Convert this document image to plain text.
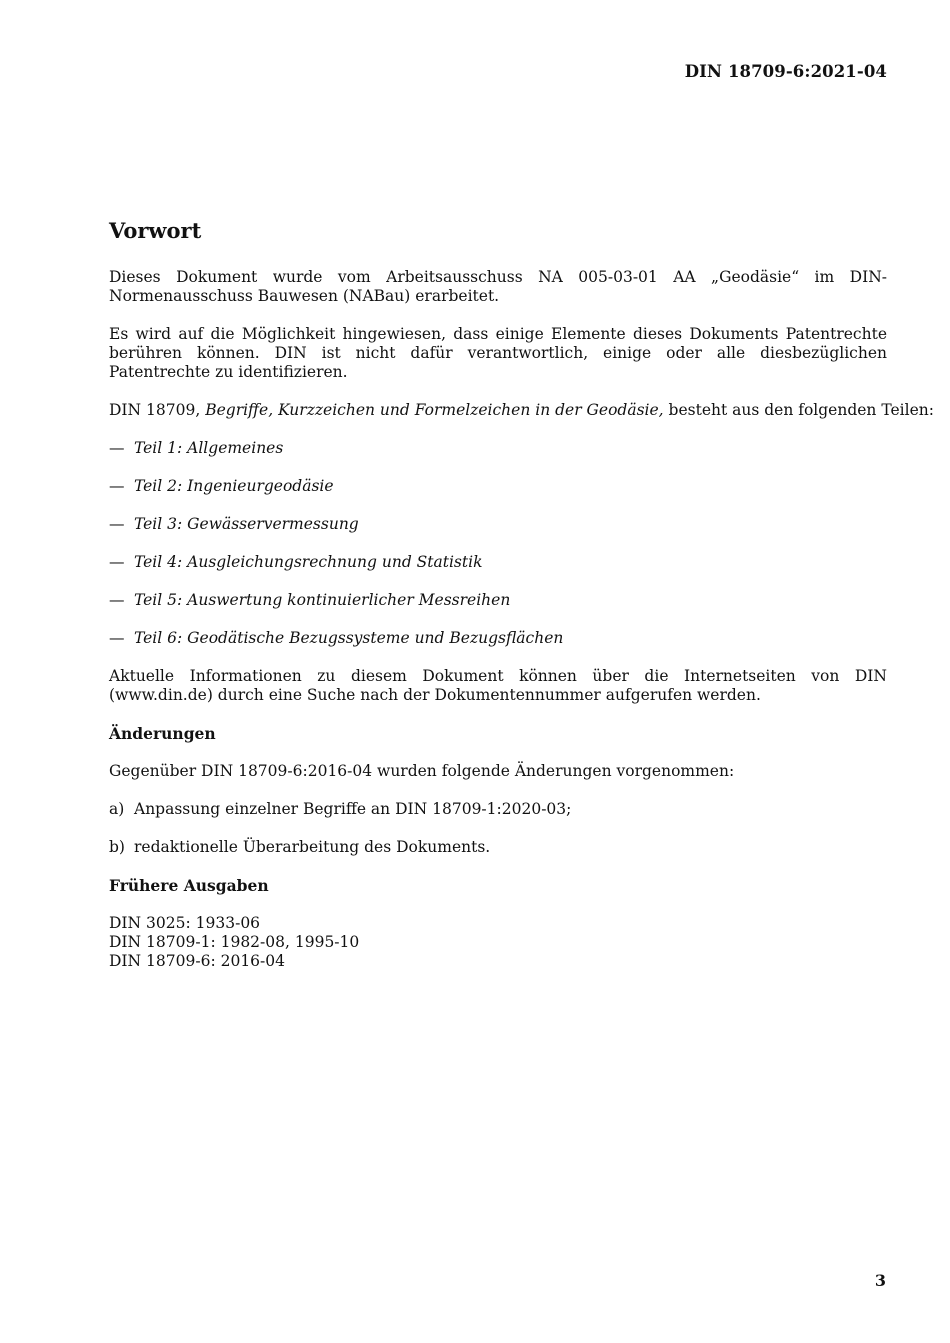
DIN 18709-6:2021-04
Vorwort

Dieses Dokument wurde vom Arbeitsausschuss NA 005-03-01 AA „Geodäsie“ im DIN-Normenausschuss Bauwesen (NABau) erarbeitet.

Es wird auf die Möglichkeit hingewiesen, dass einige Elemente dieses Dokuments Patentrechte berühren können. DIN ist nicht dafür verantwortlich, einige oder alle diesbezüglichen Patentrechte zu identifizieren.

DIN 18709, Begriffe, Kurzzeichen und Formelzeichen in der Geodäsie, besteht aus den folgenden Teilen:

— Teil 1: Allgemeines
— Teil 2: Ingenieurgeodäsie
— Teil 3: Gewässervermessung
— Teil 4: Ausgleichungsrechnung und Statistik
— Teil 5: Auswertung kontinuierlicher Messreihen
— Teil 6: Geodätische Bezugssysteme und Bezugsflächen

Aktuelle Informationen zu diesem Dokument können über die Internetseiten von DIN (www.din.de) durch eine Suche nach der Dokumentennummer aufgerufen werden.

Änderungen

Gegenüber DIN 18709-6:2016-04 wurden folgende Änderungen vorgenommen:

a) Anpassung einzelner Begriffe an DIN 18709-1:2020-03;
b) redaktionelle Überarbeitung des Dokuments.
Frühere Ausgaben
DIN 3025: 1933-06
DIN 18709-1: 1982-08, 1995-10
DIN 18709-6: 2016-04
3
